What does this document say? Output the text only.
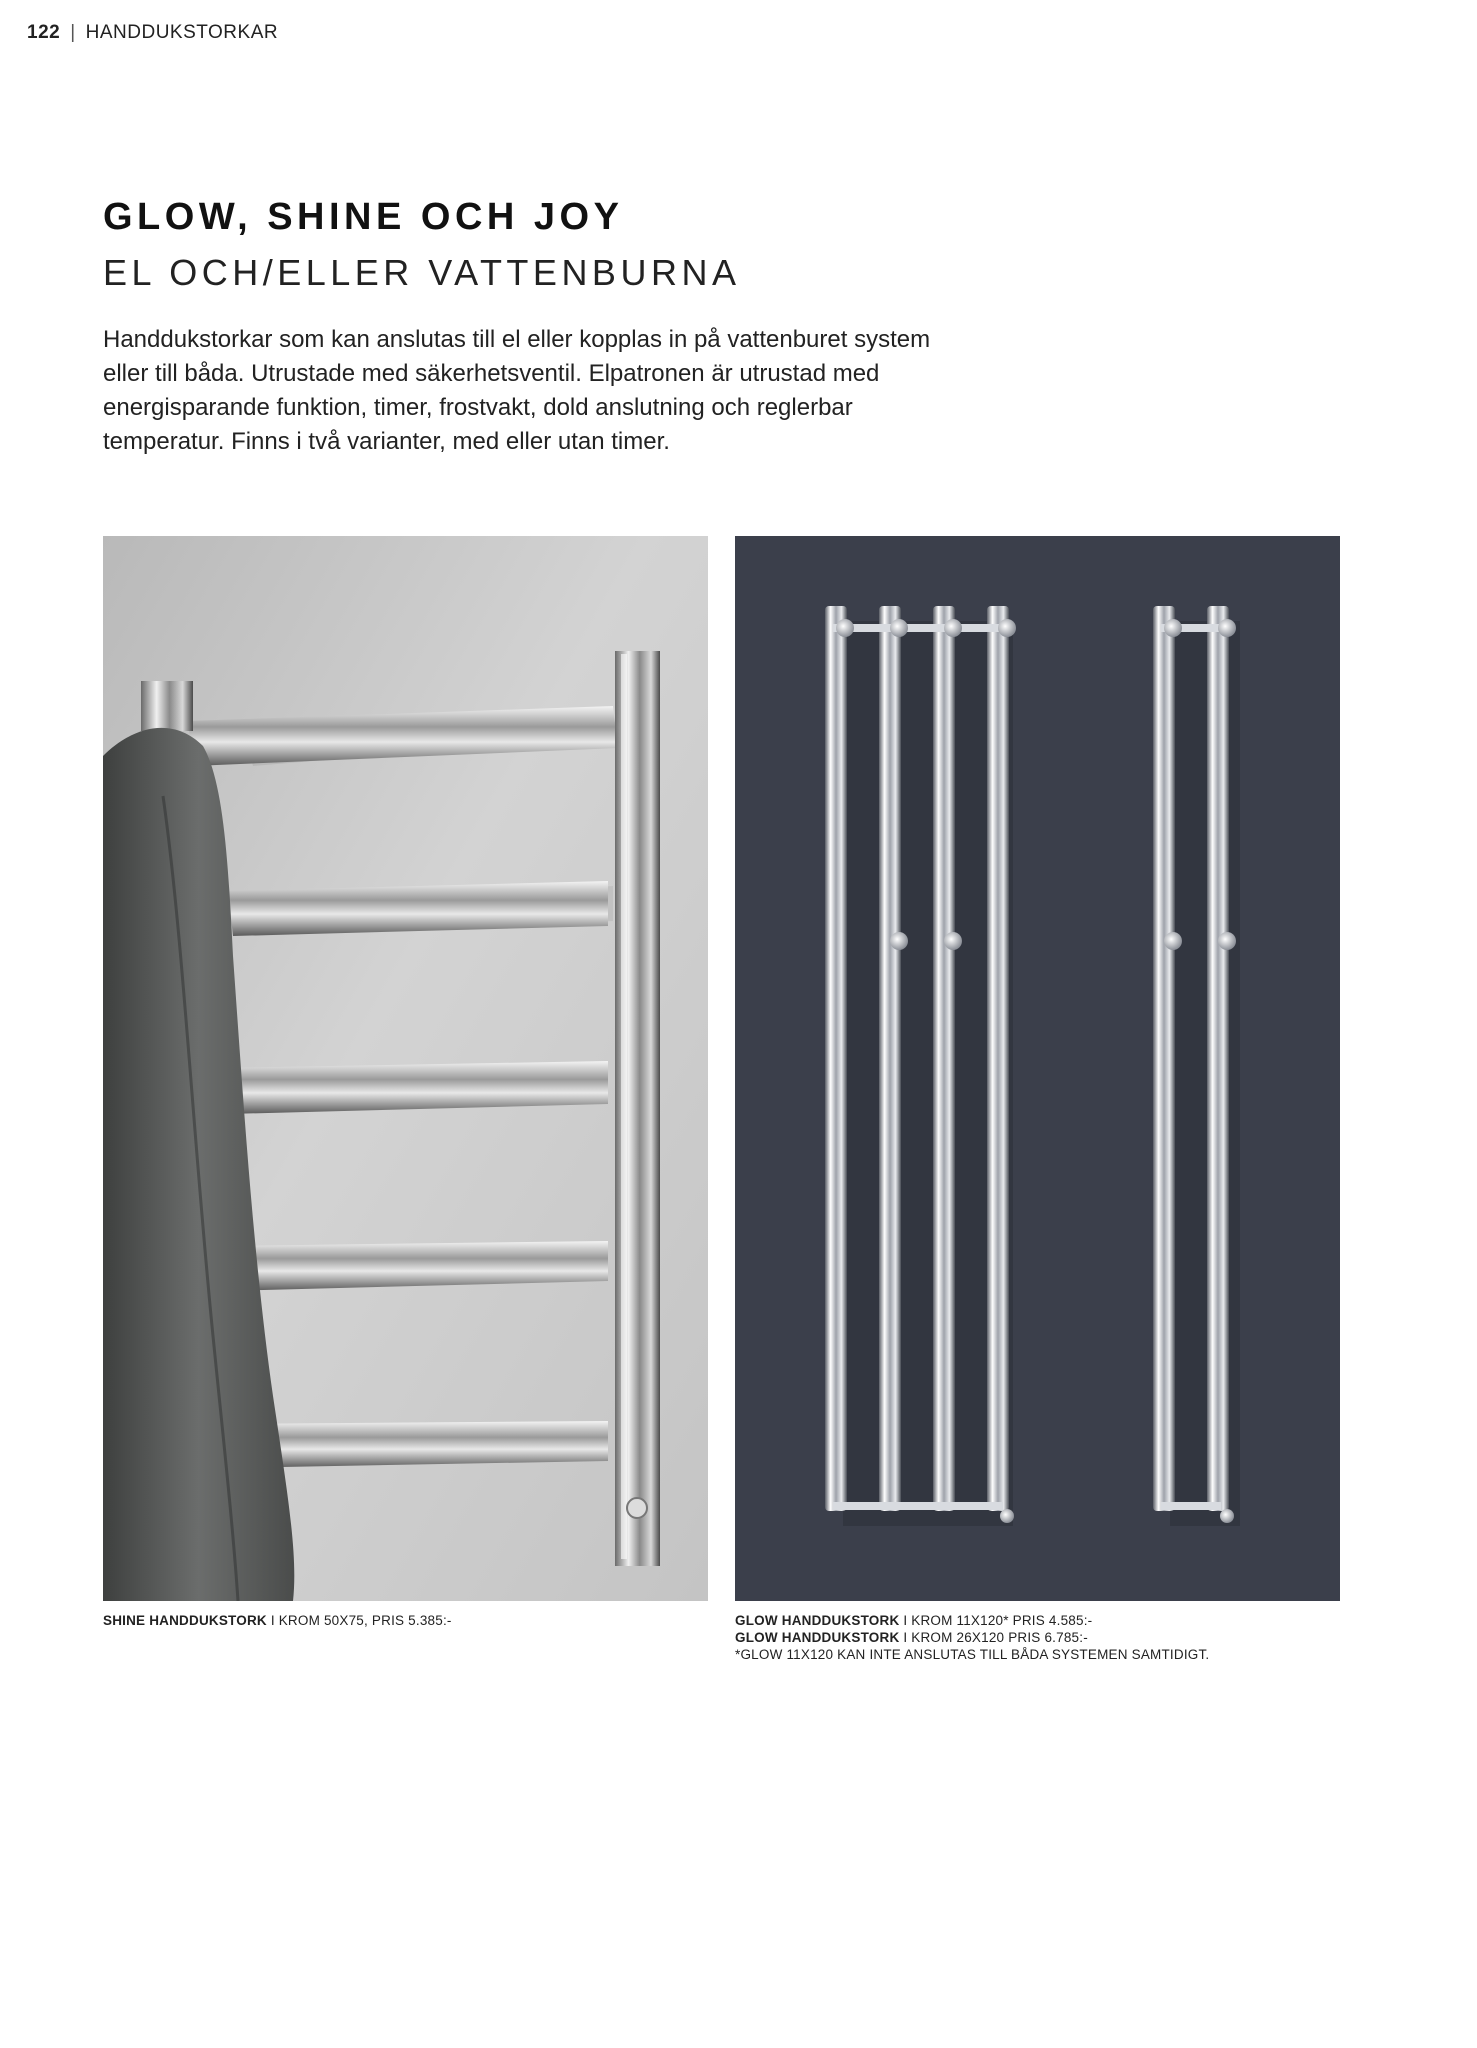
122 | HANDDUKSTORKAR
GLOW, SHINE OCH JOY
EL OCH/ELLER VATTENBURNA

Handdukstorkar som kan anslutas till el eller kopplas in på vattenburet system eller till båda. Utrustade med säkerhetsventil. Elpatronen är utrustad med energisparande funktion, timer, frostvakt, dold anslutning och reglerbar temperatur. Finns i två varianter, med eller utan timer.

SHINE HANDDUKSTORK I KROM 50X75, PRIS 5.385:-	GLOW HANDDUKSTORK I KROM 11X120* PRIS 4.585:-
GLOW HANDDUKSTORK I KROM 26X120 PRIS 6.785:-
*GLOW 11X120 KAN INTE ANSLUTAS TILL BÅDA SYSTEMEN SAMTIDIGT.
